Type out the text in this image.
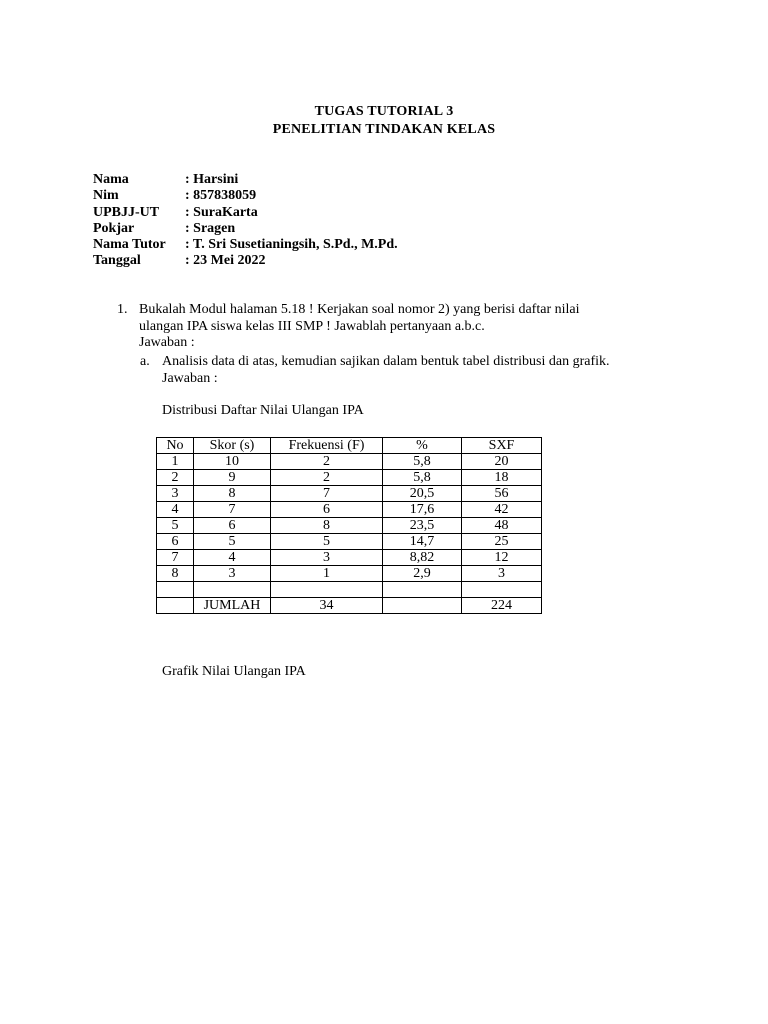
TUGAS TUTORIAL 3
PENELITIAN TINDAKAN KELAS
Nama	: Harsini
Nim	: 857838059
UPBJJ-UT	: SuraKarta
Pokjar	: Sragen
Nama Tutor	: T. Sri Susetianingsih, S.Pd., M.Pd.
Tanggal	: 23 Mei 2022
1. Bukalah Modul halaman 5.18 ! Kerjakan soal nomor 2) yang berisi daftar nilai
ulangan IPA siswa kelas III SMP ! Jawablah pertanyaan a.b.c.
Jawaban :
a. Analisis data di atas, kemudian sajikan dalam bentuk tabel distribusi dan grafik.
Jawaban :
Distribusi Daftar Nilai Ulangan IPA
No	Skor (s)	Frekuensi (F)	%	SXF
1	10	2	5,8	20
2	9	2	5,8	18
3	8	7	20,5	56
4	7	6	17,6	42
5	6	8	23,5	48
6	5	5	14,7	25
7	4	3	8,82	12
8	3	1	2,9	3

	JUMLAH	34		224
Grafik Nilai Ulangan IPA
